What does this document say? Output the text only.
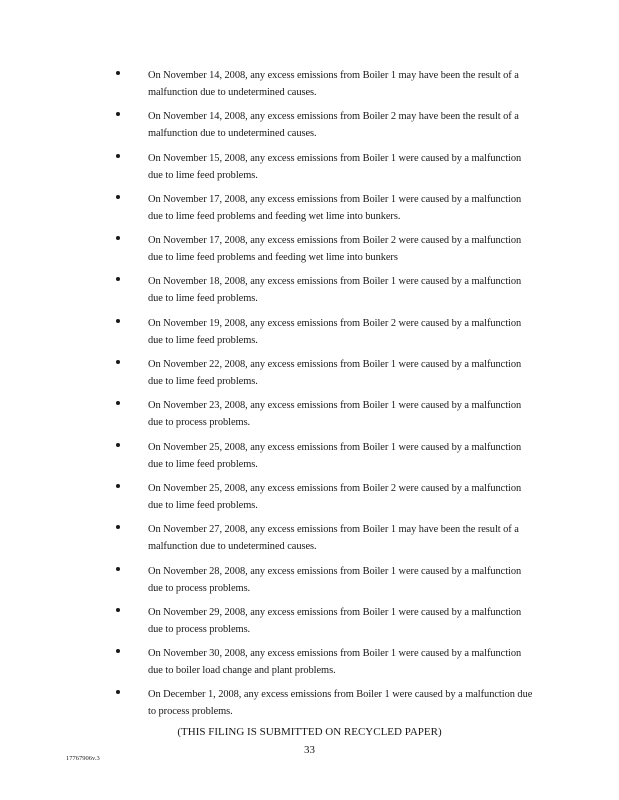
On November 14, 2008, any excess emissions from Boiler 1 may have been the result of a malfunction due to undetermined causes.
On November 14, 2008, any excess emissions from Boiler 2 may have been the result of a malfunction due to undetermined causes.
On November 15, 2008, any excess emissions from Boiler 1 were caused by a malfunction due to lime feed problems.
On November 17, 2008, any excess emissions from Boiler 1 were caused by a malfunction due to lime feed problems and feeding wet lime into bunkers.
On November 17, 2008, any excess emissions from Boiler 2 were caused by a malfunction due to lime feed problems and feeding wet lime into bunkers
On November 18, 2008, any excess emissions from Boiler 1 were caused by a malfunction due to lime feed problems.
On November 19, 2008, any excess emissions from Boiler 2 were caused by a malfunction due to lime feed problems.
On November 22, 2008, any excess emissions from Boiler 1 were caused by a malfunction due to lime feed problems.
On November 23, 2008, any excess emissions from Boiler 1 were caused by a malfunction due to process problems.
On November 25, 2008, any excess emissions from Boiler 1 were caused by a malfunction due to lime feed problems.
On November 25, 2008, any excess emissions from Boiler 2 were caused by a malfunction due to lime feed problems.
On November 27, 2008, any excess emissions from Boiler 1 may have been the result of a malfunction due to undetermined causes.
On November 28, 2008, any excess emissions from Boiler 1 were caused by a malfunction due to process problems.
On November 29, 2008, any excess emissions from Boiler 1 were caused by a malfunction due to process problems.
On November 30, 2008, any excess emissions from Boiler 1 were caused by a malfunction due to boiler load change and plant problems.
On December 1, 2008, any excess emissions from Boiler 1 were caused by a malfunction due to process problems.
(THIS FILING IS SUBMITTED ON RECYCLED PAPER)
33
17767906v.3
